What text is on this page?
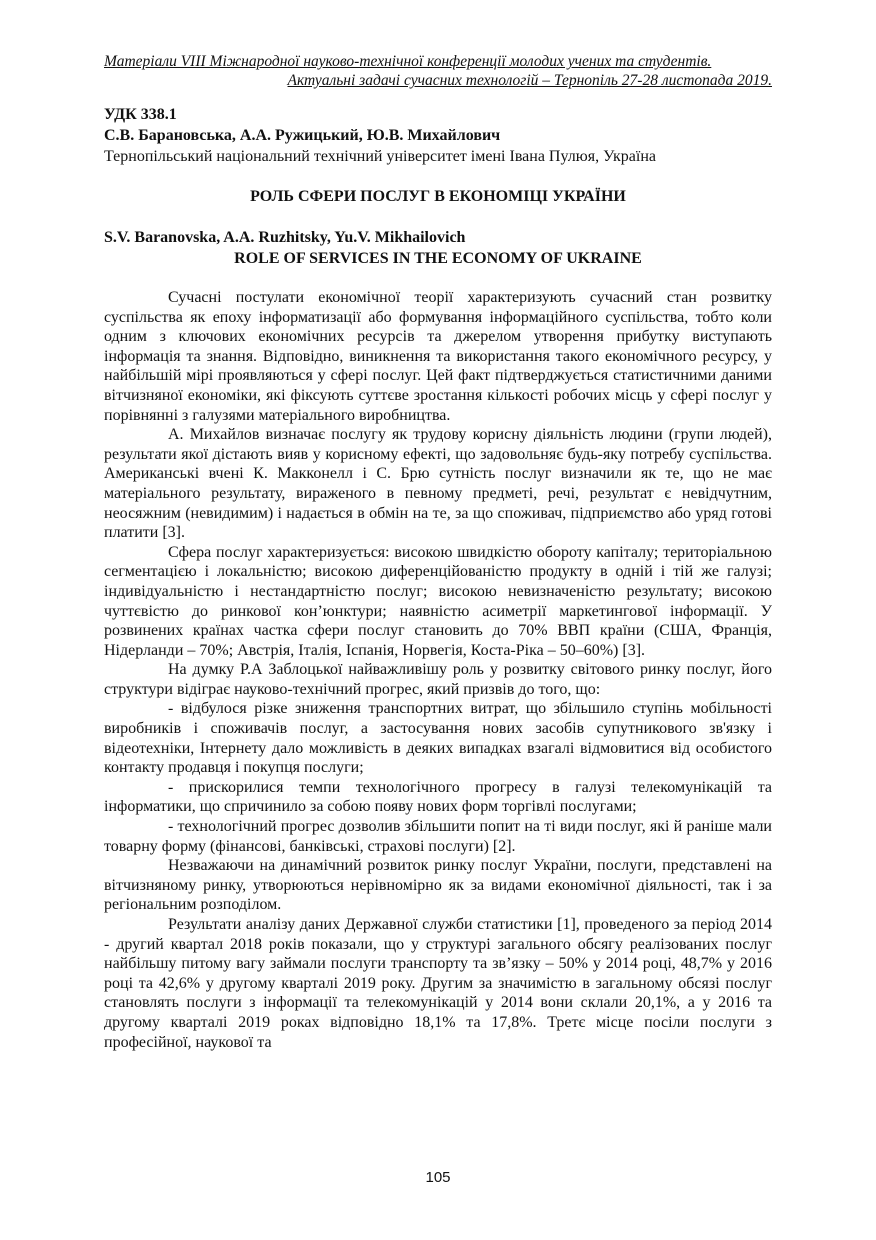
Матеріали VIII Міжнародної науково-технічної конференції молодих учених та студентів.
Актуальні задачі сучасних технологій – Тернопіль 27-28 листопада 2019.
УДК 338.1
С.В. Барановська, А.А. Ружицький, Ю.В. Михайлович
Тернопільський національний технічний університет імені Івана Пулюя, Україна
РОЛЬ СФЕРИ ПОСЛУГ В ЕКОНОМІЦІ УКРАЇНИ
S.V. Baranovska, A.A. Ruzhitsky, Yu.V. Mikhailovich
ROLE OF SERVICES IN THE ECONOMY OF UKRAINE

Сучасні постулати економічної теорії характеризують сучасний стан розвитку суспільства як епоху інформатизації або формування інформаційного суспільства, тобто коли одним з ключових економічних ресурсів та джерелом утворення прибутку виступають інформація та знання. Відповідно, виникнення та використання такого економічного ресурсу, у найбільшій мірі проявляються у сфері послуг. Цей факт підтверджується статистичними даними вітчизняної економіки, які фіксують суттєве зростання кількості робочих місць у сфері послуг у порівнянні з галузями матеріального виробництва.

А. Михайлов визначає послугу як трудову корисну діяльність людини (групи людей), результати якої дістають вияв у корисному ефекті, що задовольняє будь-яку потребу суспільства. Американські вчені К. Макконелл і С. Брю сутність послуг визначили як те, що не має матеріального результату, вираженого в певному предметі, речі, результат є невідчутним, неосяжним (невидимим) і надається в обмін на те, за що споживач, підприємство або уряд готові платити [3].

Сфера послуг характеризується: високою швидкістю обороту капіталу; територіальною сегментацією і локальністю; високою диференційованістю продукту в одній і тій же галузі; індивідуальністю і нестандартністю послуг; високою невизначеністю результату; високою чуттєвістю до ринкової кон’юнктури; наявністю асиметрії маркетингової інформації. У розвинених країнах частка сфери послуг становить до 70% ВВП країни (США, Франція, Нідерланди – 70%; Австрія, Італія, Іспанія, Норвегія, Коста-Ріка – 50–60%) [3].

На думку Р.А Заблоцької найважливішу роль у розвитку світового ринку послуг, його структури відіграє науково-технічний прогрес, який призвів до того, що:

- відбулося різке зниження транспортних витрат, що збільшило ступінь мобільності виробників і споживачів послуг, а застосування нових засобів супутникового зв'язку і відеотехніки, Інтернету дало можливість в деяких випадках взагалі відмовитися від особистого контакту продавця і покупця послуги;

- прискорилися темпи технологічного прогресу в галузі телекомунікацій та інформатики, що спричинило за собою появу нових форм торгівлі послугами;

- технологічний прогрес дозволив збільшити попит на ті види послуг, які й раніше мали товарну форму (фінансові, банківські, страхові послуги) [2].

Незважаючи на динамічний розвиток ринку послуг України, послуги, представлені на вітчизняному ринку, утворюються нерівномірно як за видами економічної діяльності, так і за регіональним розподілом.

Результати аналізу даних Державної служби статистики [1], проведеного за період 2014 - другий квартал 2018 років показали, що у структурі загального обсягу реалізованих послуг найбільшу питому вагу займали послуги транспорту та зв’язку – 50% у 2014 році, 48,7% у 2016 році та 42,6% у другому кварталі 2019 року. Другим за значимістю в загальному обсязі послуг становлять послуги з інформації та телекомунікацій у 2014 вони склали 20,1%, а у 2016 та другому кварталі 2019 роках відповідно 18,1% та 17,8%. Третє місце посіли послуги з професійної, наукової та

105
